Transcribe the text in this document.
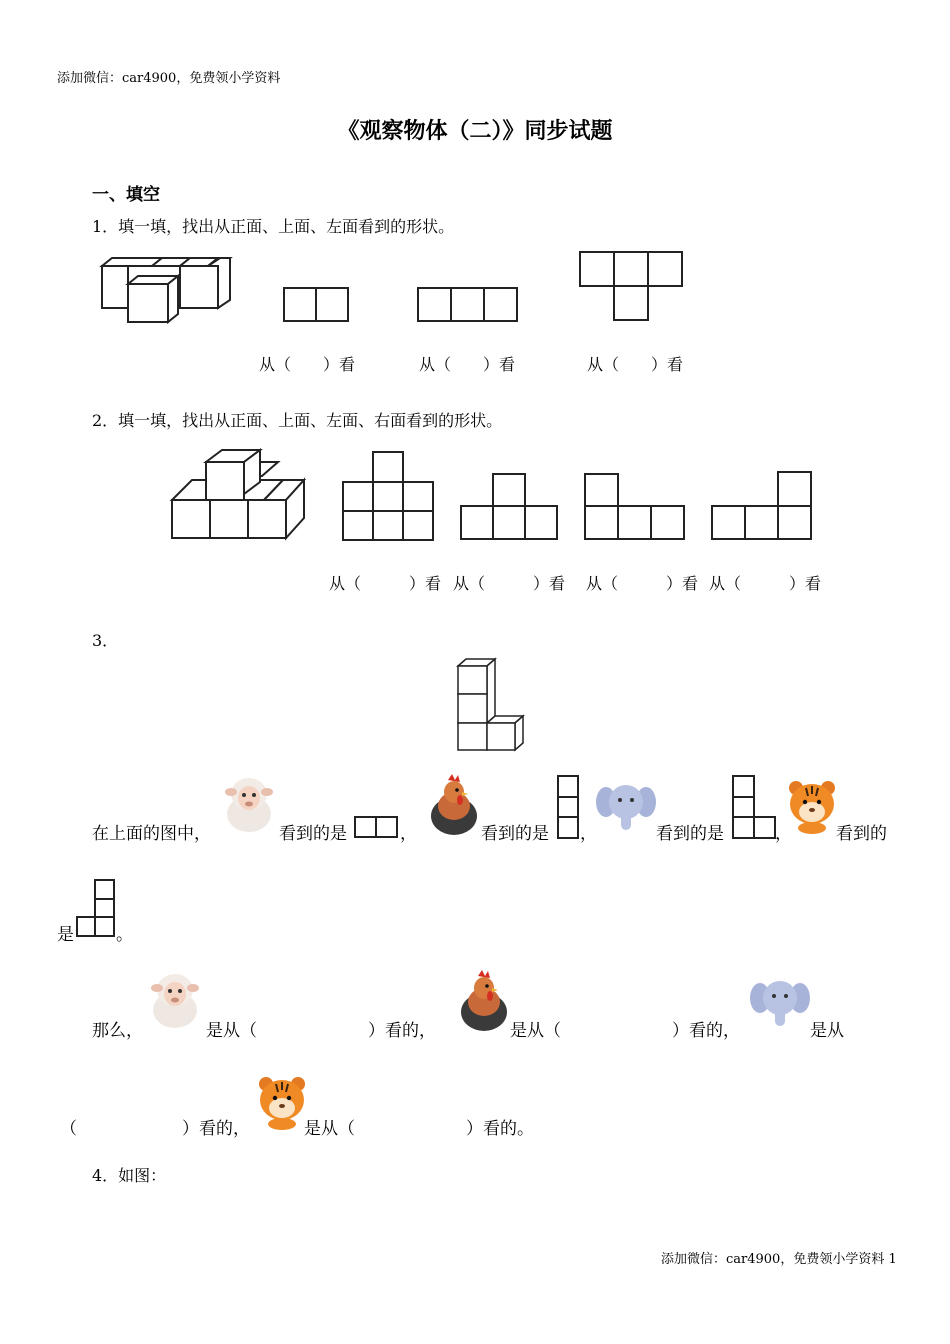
添加微信：car4900，免费领小学资料
《观察物体（二）》同步试题
一、填空
1．填一填，找出从正面、上面、左面看到的形状。
从（　　）看	从（　　）看	从（　　）看
2．填一填，找出从正面、上面、左面、右面看到的形状。
从（　　　）看 从（　　　）看 从（　　　）看 从（　　　）看
3．
在上面的图中，	看到的是	，	看到的是 ，	看到的是	，	看到的
是 。
那么，	是从（	）看的，	是从（	）看的，	是从
（	）看的，	是从（	）看的。
4．如图：
添加微信：car4900，免费领小学资料 1
